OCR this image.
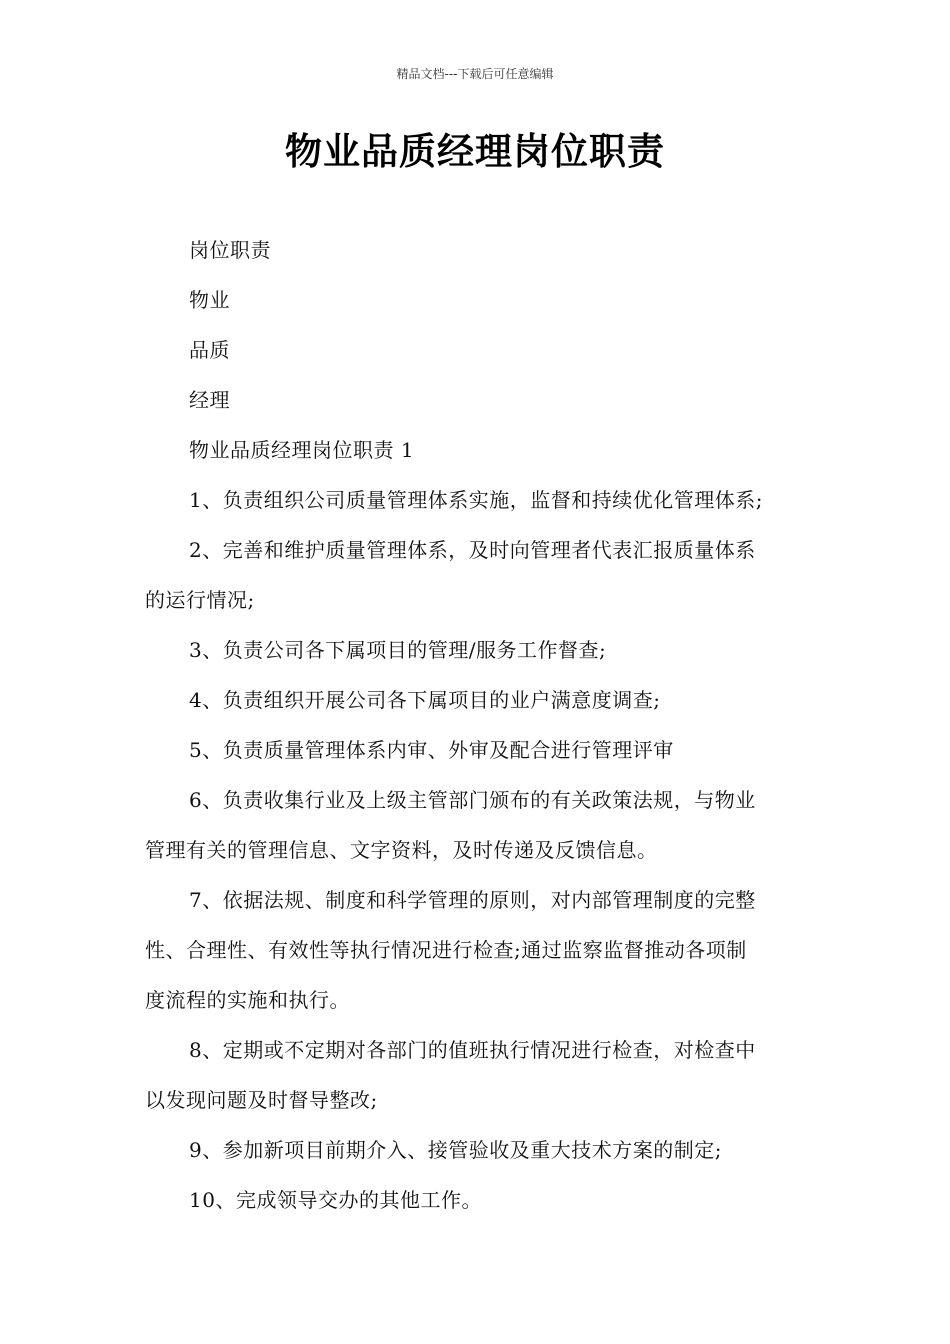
精品文档---下载后可任意编辑
物业品质经理岗位职责
岗位职责
物业
品质
经理
物业品质经理岗位职责 1
1、负责组织公司质量管理体系实施，监督和持续优化管理体系;
2、完善和维护质量管理体系，及时向管理者代表汇报质量体系
的运行情况;
3、负责公司各下属项目的管理/服务工作督查;
4、负责组织开展公司各下属项目的业户满意度调查;
5、负责质量管理体系内审、外审及配合进行管理评审
6、负责收集行业及上级主管部门颁布的有关政策法规，与物业
管理有关的管理信息、文字资料，及时传递及反馈信息。
7、依据法规、制度和科学管理的原则，对内部管理制度的完整
性、合理性、有效性等执行情况进行检查;通过监察监督推动各项制
度流程的实施和执行。
8、定期或不定期对各部门的值班执行情况进行检查，对检查中
以发现问题及时督导整改;
9、参加新项目前期介入、接管验收及重大技术方案的制定;
10、完成领导交办的其他工作。
